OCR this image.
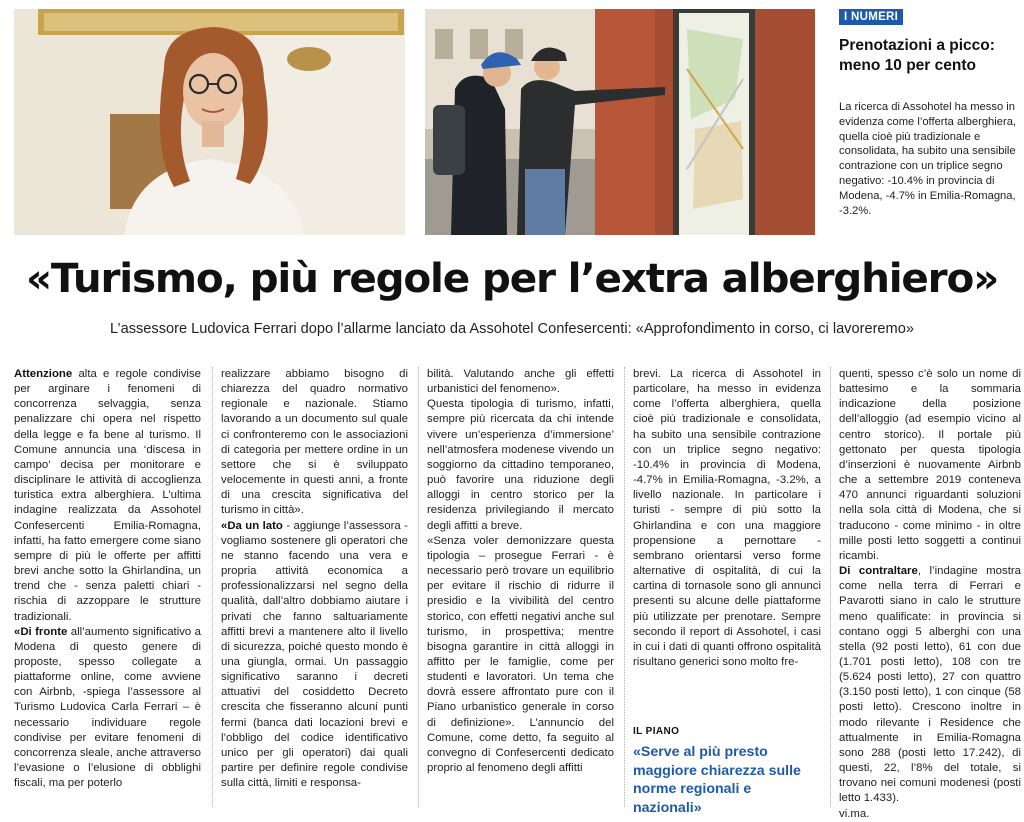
I NUMERI
Prenotazioni a picco: meno 10 per cento
La ricerca di Assohotel ha messo in evidenza come l’offerta alberghiera, quella cioè più tradizionale e consolidata, ha subito una sensibile contrazione con un triplice segno negativo: -10.4% in provincia di Modena, -4.7% in Emilia-Romagna, -3.2%.
«Turismo, più regole per l’extra alberghiero»
L’assessore Ludovica Ferrari dopo l’allarme lanciato da Assohotel Confesercenti: «Approfondimento in corso, ci lavoreremo»

Attenzione alta e regole condivise per arginare i fenomeni di concorrenza selvaggia, senza penalizzare chi opera nel rispetto della legge e fa bene al turismo. Il Comune annuncia una ‘discesa in campo’ decisa per monitorare e disciplinare le attività di accoglienza turistica extra alberghiera. L’ultima indagine realizzata da Assohotel Confesercenti Emilia-Romagna, infatti, ha fatto emergere come siano sempre di più le offerte per affitti brevi anche sotto la Ghirlandina, un trend che - senza paletti chiari - rischia di azzoppare le strutture tradizionali.

«Di fronte all’aumento significativo a Modena di questo genere di proposte, spesso collegate a piattaforme online, come avviene con Airbnb, -spiega l’assessore al Turismo Ludovica Carla Ferrari – è necessario individuare regole condivise per evitare fenomeni di concorrenza sleale, anche attraverso l’evasione o l’elusione di obblighi fiscali, ma per poterlo

realizzare abbiamo bisogno di chiarezza del quadro normativo regionale e nazionale. Stiamo lavorando a un documento sul quale ci confronteremo con le associazioni di categoria per mettere ordine in un settore che si è sviluppato velocemente in questi anni, a fronte di una crescita significativa del turismo in città».

«Da un lato - aggiunge l’assessora - vogliamo sostenere gli operatori che ne stanno facendo una vera e propria attività economica a professionalizzarsi nel segno della qualità, dall’altro dobbiamo aiutare i privati che fanno saltuariamente affitti brevi a mantenere alto il livello di sicurezza, poiché questo mondo è una giungla, ormai. Un passaggio significativo saranno i decreti attuativi del cosiddetto Decreto crescita che fisseranno alcuni punti fermi (banca dati locazioni brevi e l’obbligo del codice identificativo unico per gli operatori) dai quali partire per definire regole condivise sulla città, limiti e responsa-

bilità. Valutando anche gli effetti urbanistici del fenomeno».

Questa tipologia di turismo, infatti, sempre più ricercata da chi intende vivere un’esperienza d’immersione’ nell’atmosfera modenese vivendo un soggiorno da cittadino temporaneo, può favorire una riduzione degli alloggi in centro storico per la residenza privilegiando il mercato degli affitti a breve.

«Senza voler demonizzare questa tipologia – prosegue Ferrari - è necessario però trovare un equilibrio per evitare il rischio di ridurre il presidio e la vivibilità del centro storico, con effetti negativi anche sul turismo, in prospettiva; mentre bisogna garantire in città alloggi in affitto per le famiglie, come per studenti e lavoratori. Un tema che dovrà essere affrontato pure con il Piano urbanistico generale in corso di definizione». L’annuncio del Comune, come detto, fa seguito al convegno di Confesercenti dedicato proprio al fenomeno degli affitti

brevi. La ricerca di Assohotel in particolare, ha messo in evidenza come l’offerta alberghiera, quella cioè più tradizionale e consolidata, ha subito una sensibile contrazione con un triplice segno negativo: -10.4% in provincia di Modena, -4.7% in Emilia-Romagna, -3.2%, a livello nazionale. In particolare i turisti - sempre di più sotto la Ghirlandina e con una maggiore propensione a pernottare - sembrano orientarsi verso forme alternative di ospitalità, di cui la cartina di tornasole sono gli annunci presenti su alcune delle piattaforme più utilizzate per prenotare. Sempre secondo il report di Assohotel, i casi in cui i dati di quanti offrono ospitalità risultano generici sono molto fre-

IL PIANO
«Serve al più presto maggiore chiarezza sulle norme regionali e nazionali»

quenti, spesso c’è solo un nome di battesimo e la sommaria indicazione della posizione dell’alloggio (ad esempio vicino al centro storico). Il portale più gettonato per questa tipologia d’inserzioni è nuovamente Airbnb che a settembre 2019 conteneva 470 annunci riguardanti soluzioni nella sola città di Modena, che si traducono - come minimo - in oltre mille posti letto soggetti a continui ricambi.

Di contraltare, l’indagine mostra come nella terra di Ferrari e Pavarotti siano in calo le strutture meno qualificate: in provincia si contano oggi 5 alberghi con una stella (92 posti letto), 61 con due (1.701 posti letto), 108 con tre (5.624 posti letto), 27 con quattro (3.150 posti letto), 1 con cinque (58 posti letto). Crescono inoltre in modo rilevante i Residence che attualmente in Emilia-Romagna sono 288 (posti letto 17.242), di questi, 22, l’8% del totale, si trovano nei comuni modenesi (posti letto 1.433).

vi.ma.
